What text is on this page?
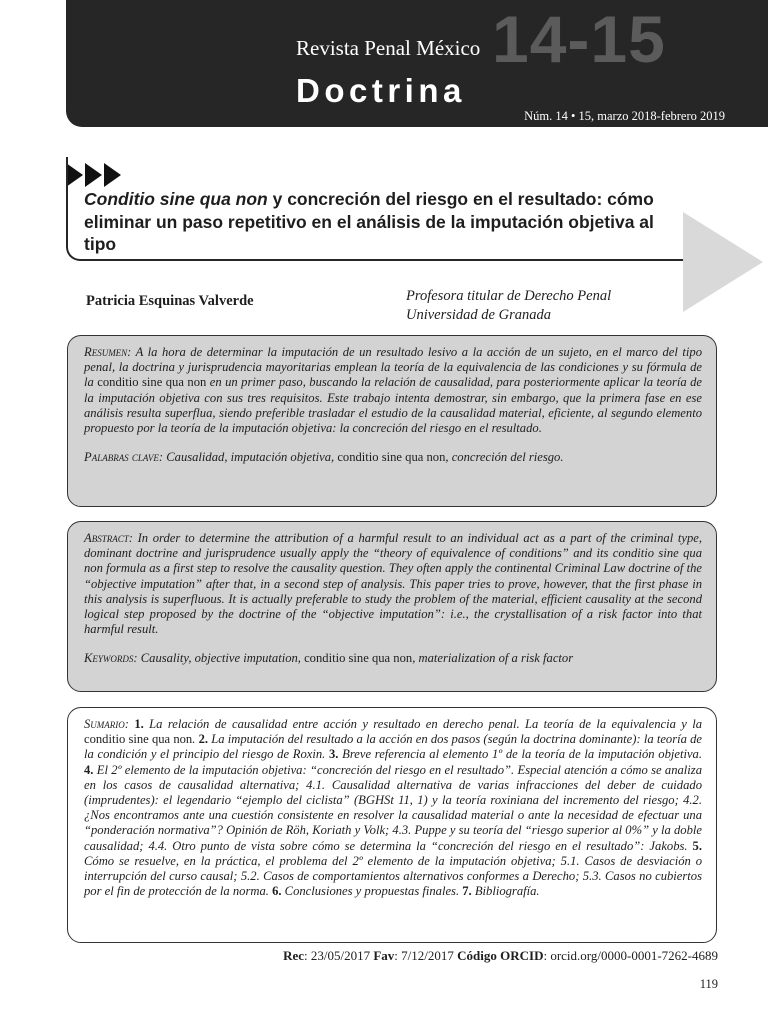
14-15
Revista Penal México
Doctrina
Núm. 14 • 15, marzo 2018-febrero 2019
Conditio sine qua non y concreción del riesgo en el resultado: cómo eliminar un paso repetitivo en el análisis de la imputación objetiva al tipo
Patricia Esquinas Valverde	Profesora titular de Derecho Penal
Universidad de Granada

Resumen: A la hora de determinar la imputación de un resultado lesivo a la acción de un sujeto, en el marco del tipo penal, la doctrina y jurisprudencia mayoritarias emplean la teoría de la equivalencia de las condiciones y su fórmula de la conditio sine qua non en un primer paso, buscando la relación de causalidad, para posteriormente aplicar la teoría de la imputación objetiva con sus tres requisitos. Este trabajo intenta demostrar, sin embargo, que la primera fase en ese análisis resulta superflua, siendo preferible trasladar el estudio de la causalidad material, eficiente, al segundo elemento propuesto por la teoría de la imputación objetiva: la concreción del riesgo en el resultado.

Palabras clave: Causalidad, imputación objetiva, conditio sine qua non, concreción del riesgo.

Abstract: In order to determine the attribution of a harmful result to an individual act as a part of the criminal type, dominant doctrine and jurisprudence usually apply the “theory of equivalence of conditions” and its conditio sine qua non formula as a first step to resolve the causality question. They often apply the continental Criminal Law doctrine of the “objective imputation” after that, in a second step of analysis. This paper tries to prove, however, that the first phase in this analysis is superfluous. It is actually preferable to study the problem of the material, efficient causality at the second logical step proposed by the doctrine of the “objective imputation”: i.e., the crystallisation of a risk factor into that harmful result.

Keywords: Causality, objective imputation, conditio sine qua non, materialization of a risk factor

Sumario: 1. La relación de causalidad entre acción y resultado en derecho penal. La teoría de la equivalencia y la conditio sine qua non. 2. La imputación del resultado a la acción en dos pasos (según la doctrina dominante): la teoría de la condición y el principio del riesgo de Roxin. 3. Breve referencia al elemento 1º de la teoría de la imputación objetiva. 4. El 2º elemento de la imputación objetiva: “concreción del riesgo en el resultado”. Especial atención a cómo se analiza en los casos de causalidad alternativa; 4.1. Causalidad alternativa de varias infracciones del deber de cuidado (imprudentes): el legendario “ejemplo del ciclista” (BGHSt 11, 1) y la teoría roxiniana del incremento del riesgo; 4.2. ¿Nos encontramos ante una cuestión consistente en resolver la causalidad material o ante la necesidad de efectuar una “ponderación normativa”? Opinión de Röh, Koriath y Volk; 4.3. Puppe y su teoría del “riesgo superior al 0%” y la doble causalidad; 4.4. Otro punto de vista sobre cómo se determina la “concreción del riesgo en el resultado”: Jakobs. 5. Cómo se resuelve, en la práctica, el problema del 2º elemento de la imputación objetiva; 5.1. Casos de desviación o interrupción del curso causal; 5.2. Casos de comportamientos alternativos conformes a Derecho; 5.3. Casos no cubiertos por el fin de protección de la norma. 6. Conclusiones y propuestas finales. 7. Bibliografía.

Rec: 23/05/2017 Fav: 7/12/2017 Código ORCID: orcid.org/0000-0001-7262-4689
119
